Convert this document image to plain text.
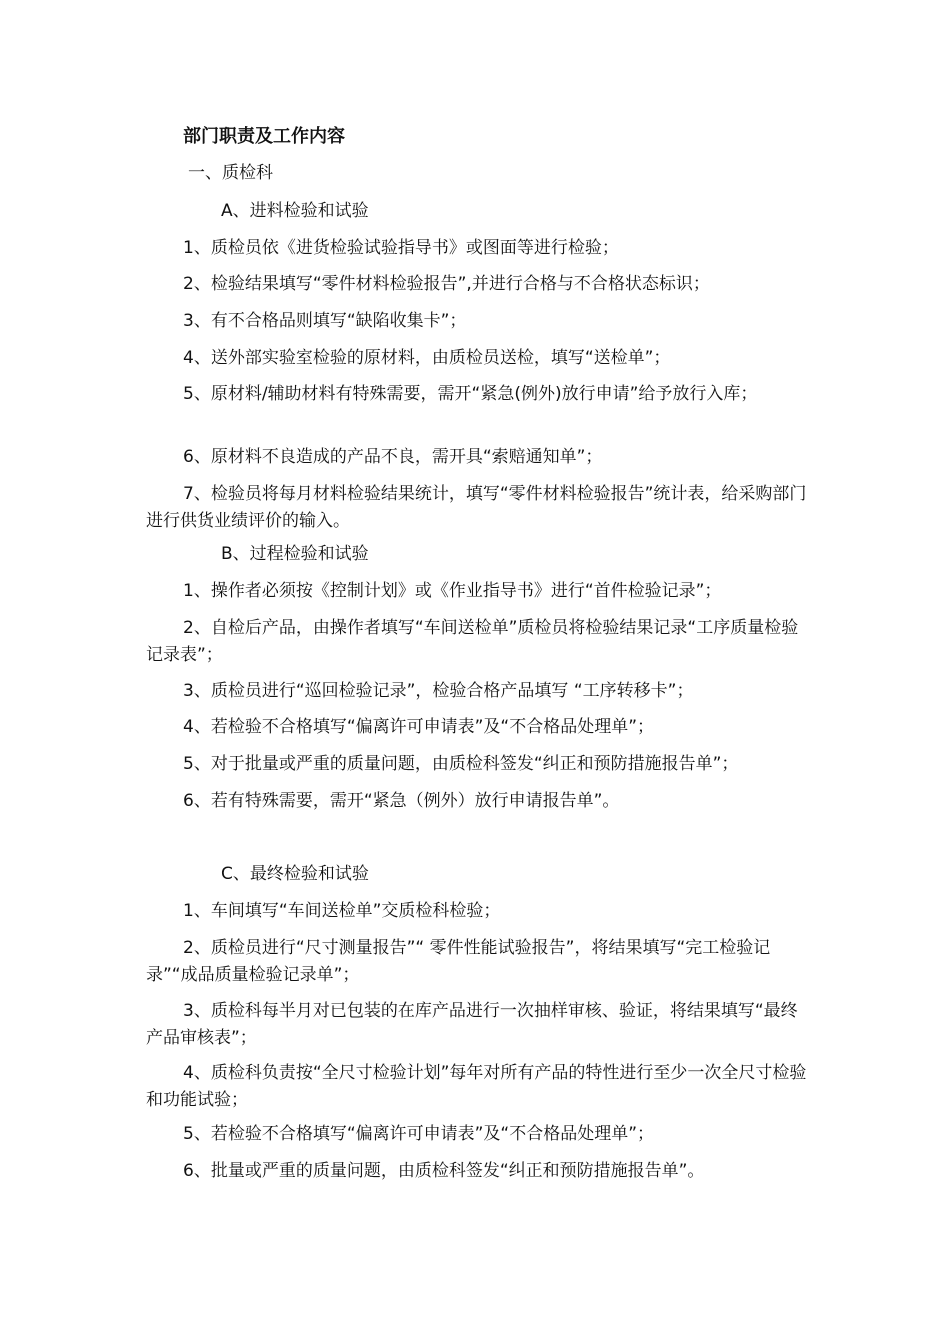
部门职责及工作内容
一、质检科
A、进料检验和试验
1、质检员依《进货检验试验指导书》或图面等进行检验；
2、检验结果填写“零件材料检验报告”,并进行合格与不合格状态标识；
3、有不合格品则填写“缺陷收集卡”；
4、送外部实验室检验的原材料，由质检员送检，填写“送检单”；
5、原材料/辅助材料有特殊需要，需开“紧急(例外)放行申请”给予放行入库；
6、原材料不良造成的产品不良，需开具“索赔通知单”；
7、检验员将每月材料检验结果统计，填写“零件材料检验报告”统计表，给采购部门进行供货业绩评价的输入。
B、过程检验和试验
1、操作者必须按《控制计划》或《作业指导书》进行“首件检验记录”；
2、自检后产品，由操作者填写“车间送检单”质检员将检验结果记录“工序质量检验记录表”；
3、质检员进行“巡回检验记录”，检验合格产品填写 “工序转移卡”；
4、若检验不合格填写“偏离许可申请表”及“不合格品处理单”；
5、对于批量或严重的质量问题，由质检科签发“纠正和预防措施报告单”；
6、若有特殊需要，需开“紧急（例外）放行申请报告单”。
C、最终检验和试验
1、车间填写“车间送检单”交质检科检验；
2、质检员进行“尺寸测量报告”“ 零件性能试验报告”，将结果填写“完工检验记录”“成品质量检验记录单”；
3、质检科每半月对已包装的在库产品进行一次抽样审核、验证，将结果填写“最终产品审核表”；
4、质检科负责按“全尺寸检验计划”每年对所有产品的特性进行至少一次全尺寸检验和功能试验；
5、若检验不合格填写“偏离许可申请表”及“不合格品处理单”；
6、批量或严重的质量问题，由质检科签发“纠正和预防措施报告单”。
